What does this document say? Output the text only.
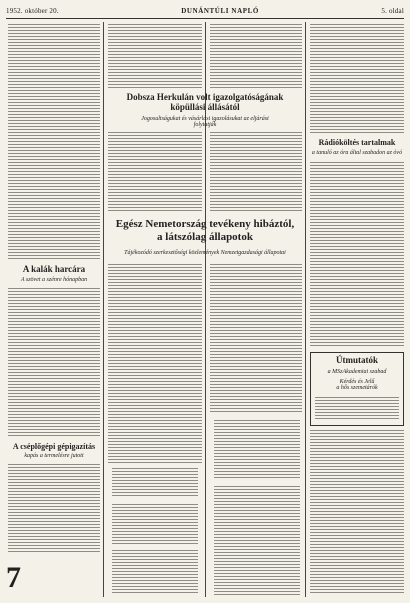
1952. október 20.	DUNÁNTÚLI NAPLÓ	5. oldal
Dobsza Herkulán volt igazolgatóságának
köpüllási állásától
Jogosultságukat és vásárlási igazolásukat az eljárást
folytatják
Rádióköltés tartalmak
a tanuló az óra által szabadon az óvó
Egész Nemetország tevékeny hibáztól,
a látszólag állapotok
Tájékozódó szerkesztőségi közlemények Nemzetgazdasági állapotai
A kalák harcára
A szövet a szénre hónapban
A cséplőgépi gépigazítás
kapás a termelésre jutott
Útmutatók
a MSzAkademiai szabad
Kérdés és Jelű
a hős szemetárók
7
